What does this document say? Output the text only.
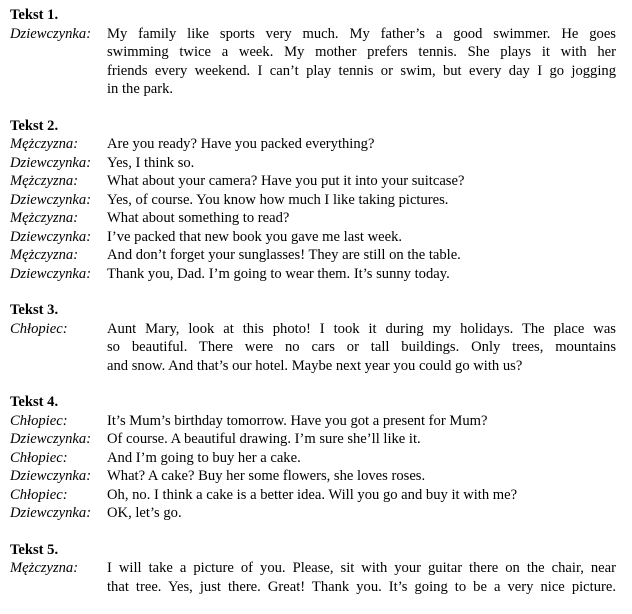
Tekst 1.
Dziewczynka:	My family like sports very much. My father’s a good swimmer. He goes
swimming twice a week. My mother prefers tennis. She plays it with her
friends every weekend. I can’t play tennis or swim, but every day I go jogging
in the park.
Tekst 2.
Mężczyzna:	Are you ready? Have you packed everything?
Dziewczynka:	Yes, I think so.
Mężczyzna:	What about your camera? Have you put it into your suitcase?
Dziewczynka:	Yes, of course. You know how much I like taking pictures.
Mężczyzna:	What about something to read?
Dziewczynka:	I’ve packed that new book you gave me last week.
Mężczyzna:	And don’t forget your sunglasses! They are still on the table.
Dziewczynka:	Thank you, Dad. I’m going to wear them. It’s sunny today.
Tekst 3.
Chłopiec:	Aunt Mary, look at this photo! I took it during my holidays. The place was
so beautiful. There were no cars or tall buildings. Only trees, mountains
and snow. And that’s our hotel. Maybe next year you could go with us?
Tekst 4.
Chłopiec:	It’s Mum’s birthday tomorrow. Have you got a present for Mum?
Dziewczynka:	Of course. A beautiful drawing. I’m sure she’ll like it.
Chłopiec:	And I’m going to buy her a cake.
Dziewczynka:	What? A cake? Buy her some flowers, she loves roses.
Chłopiec:	Oh, no. I think a cake is a better idea. Will you go and buy it with me?
Dziewczynka:	OK, let’s go.
Tekst 5.
Mężczyzna:	I will take a picture of you. Please, sit with your guitar there on the chair, near
that tree. Yes, just there. Great! Thank you. It’s going to be a very nice picture.
